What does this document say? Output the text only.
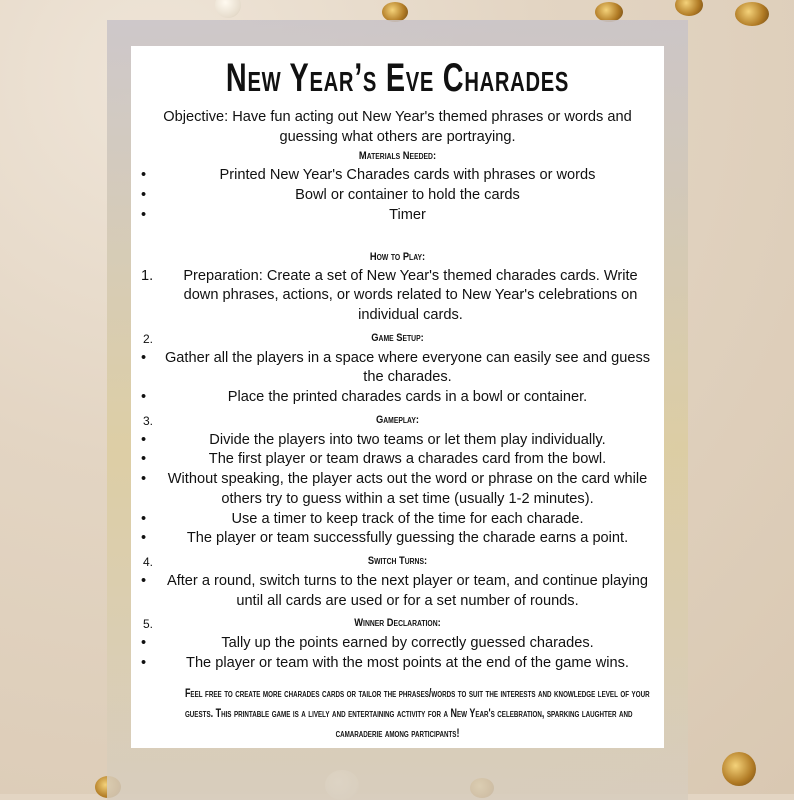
New Year’s Eve Charades
Objective: Have fun acting out New Year's themed phrases or words and guessing what others are portraying.
Materials Needed:
•	Printed New Year's Charades cards with phrases or words
•	Bowl or container to hold the cards
•	Timer
How to Play:
1. Preparation: Create a set of New Year's themed charades cards. Write down phrases, actions, or words related to New Year's celebrations on individual cards.
2.	Game Setup:
• Gather all the players in a space where everyone can easily see and guess the charades.
•	Place the printed charades cards in a bowl or container.
3.	Gameplay:
•	Divide the players into two teams or let them play individually.
•	The first player or team draws a charades card from the bowl.
• Without speaking, the player acts out the word or phrase on the card while others try to guess within a set time (usually 1-2 minutes).
•	Use a timer to keep track of the time for each charade.
•	The player or team successfully guessing the charade earns a point.
4.	Switch Turns:
• After a round, switch turns to the next player or team, and continue playing until all cards are used or for a set number of rounds.
5.	Winner Declaration:
•	Tally up the points earned by correctly guessed charades.
•	The player or team with the most points at the end of the game wins.
Feel free to create more charades cards or tailor the phrases/words to suit the interests and knowledge level of your
guests. This printable game is a lively and entertaining activity for a New Year's celebration, sparking laughter and
camaraderie among participants!
